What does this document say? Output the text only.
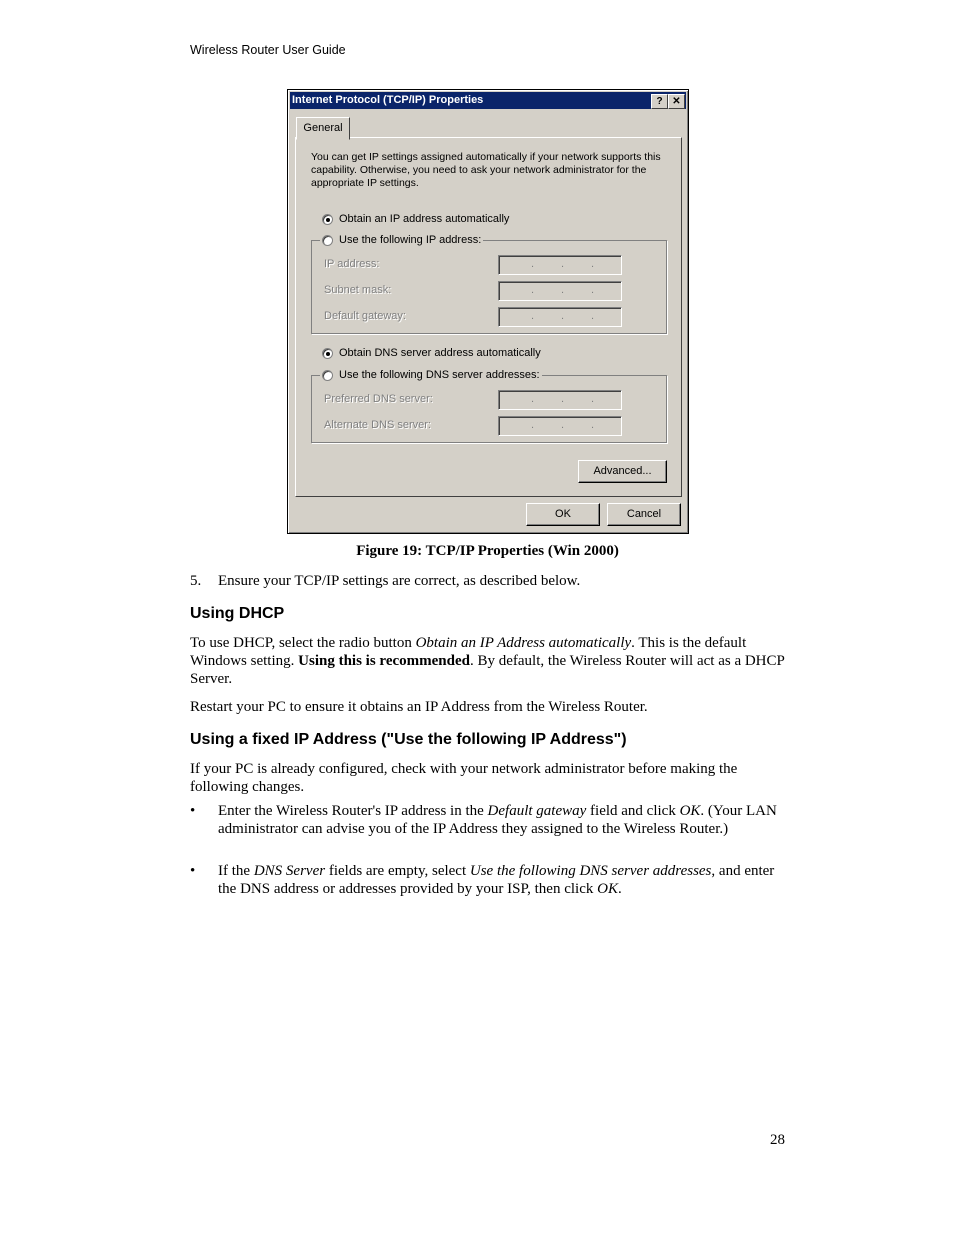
Wireless Router User Guide
Internet Protocol (TCP/IP) Properties	? ✕
General
You can get IP settings assigned automatically if your network supports this capability. Otherwise, you need to ask your network administrator for the appropriate IP settings.
Obtain an IP address automatically
Use the following IP address:
IP address:	. . .
Subnet mask:	. . .
Default gateway:	. . .
Obtain DNS server address automatically
Use the following DNS server addresses:
Preferred DNS server:	. . .
Alternate DNS server:	. . .
Advanced...
OK	Cancel
Figure 19: TCP/IP Properties (Win 2000)
5. Ensure your TCP/IP settings are correct, as described below.
Using DHCP
To use DHCP, select the radio button Obtain an IP Address automatically. This is the default Windows setting. Using this is recommended. By default, the Wireless Router will act as a DHCP Server.
Restart your PC to ensure it obtains an IP Address from the Wireless Router.
Using a fixed IP Address ("Use the following IP Address")
If your PC is already configured, check with your network administrator before making the following changes.
• Enter the Wireless Router's IP address in the Default gateway field and click OK. (Your LAN administrator can advise you of the IP Address they assigned to the Wireless Router.)
• If the DNS Server fields are empty, select Use the following DNS server addresses, and enter the DNS address or addresses provided by your ISP, then click OK.
28
